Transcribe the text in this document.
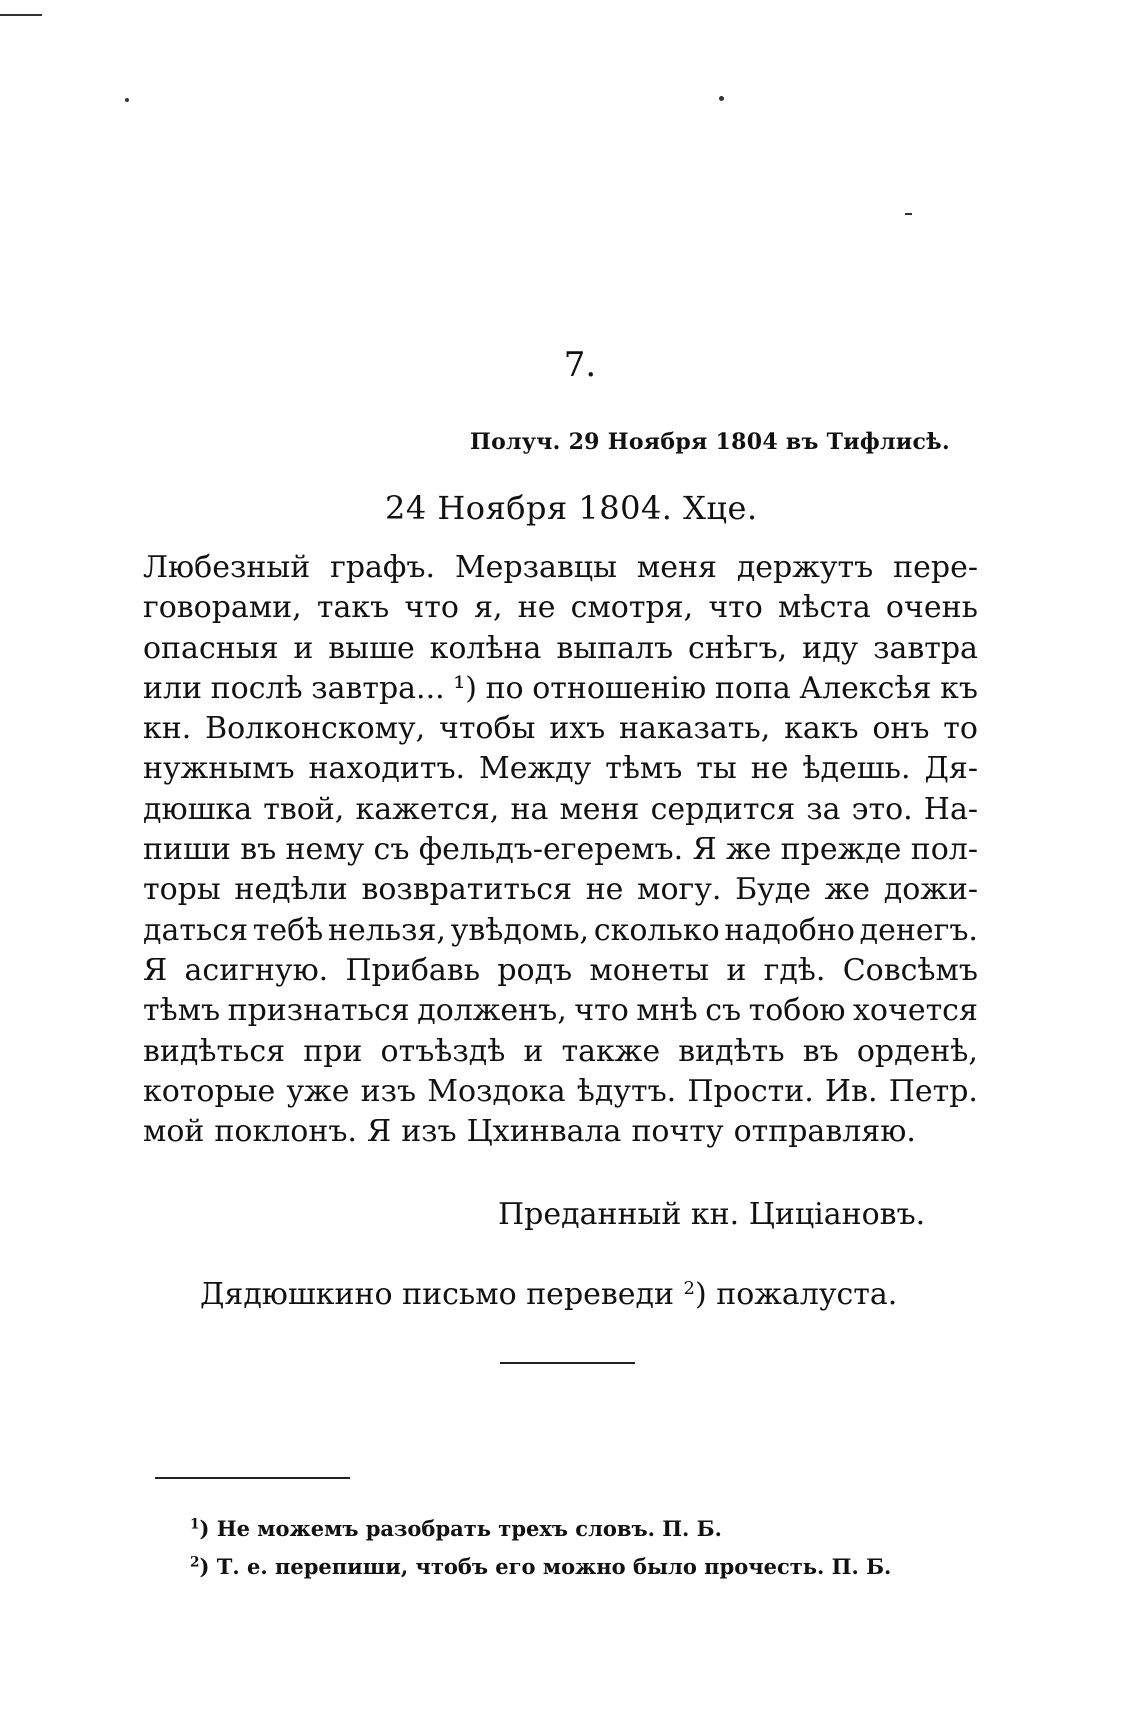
7.
Получ. 29 Ноября 1804 въ Тифлисѣ.
24 Ноября 1804. Хце.
Любезный графъ. Мерзавцы меня держутъ пере-
говорами, такъ что я, не смотря, что мѣста очень
опасныя и выше колѣна выпалъ снѣгъ, иду завтра
или послѣ завтра... ¹) по отношенію попа Алексѣя къ
кн. Волконскому, чтобы ихъ наказать, какъ онъ то
нужнымъ находитъ. Между тѣмъ ты не ѣдешь. Дя-
дюшка твой, кажется, на меня сердится за это. На-
пиши въ нему съ фельдъ-егеремъ. Я же прежде пол-
торы недѣли возвратиться не могу. Буде же дожи-
даться тебѣ нельзя, увѣдомь, сколько надобно денегъ.
Я асигную. Прибавь родъ монеты и гдѣ. Совсѣмъ
тѣмъ признаться долженъ, что мнѣ съ тобою хочется
видѣться при отъѣздѣ и также видѣть въ орденѣ,
которые уже изъ Моздока ѣдутъ. Прости. Ив. Петр.
мой поклонъ. Я изъ Цхинвала почту отправляю.
Преданный кн. Циціановъ.
Дядюшкино письмо переведи $^2$) пожалуста.
$^1$) Не можемъ разобрать трехъ словъ. П. Б.
$^2$) Т. е. перепиши, чтобъ его можно было прочесть. П. Б.
